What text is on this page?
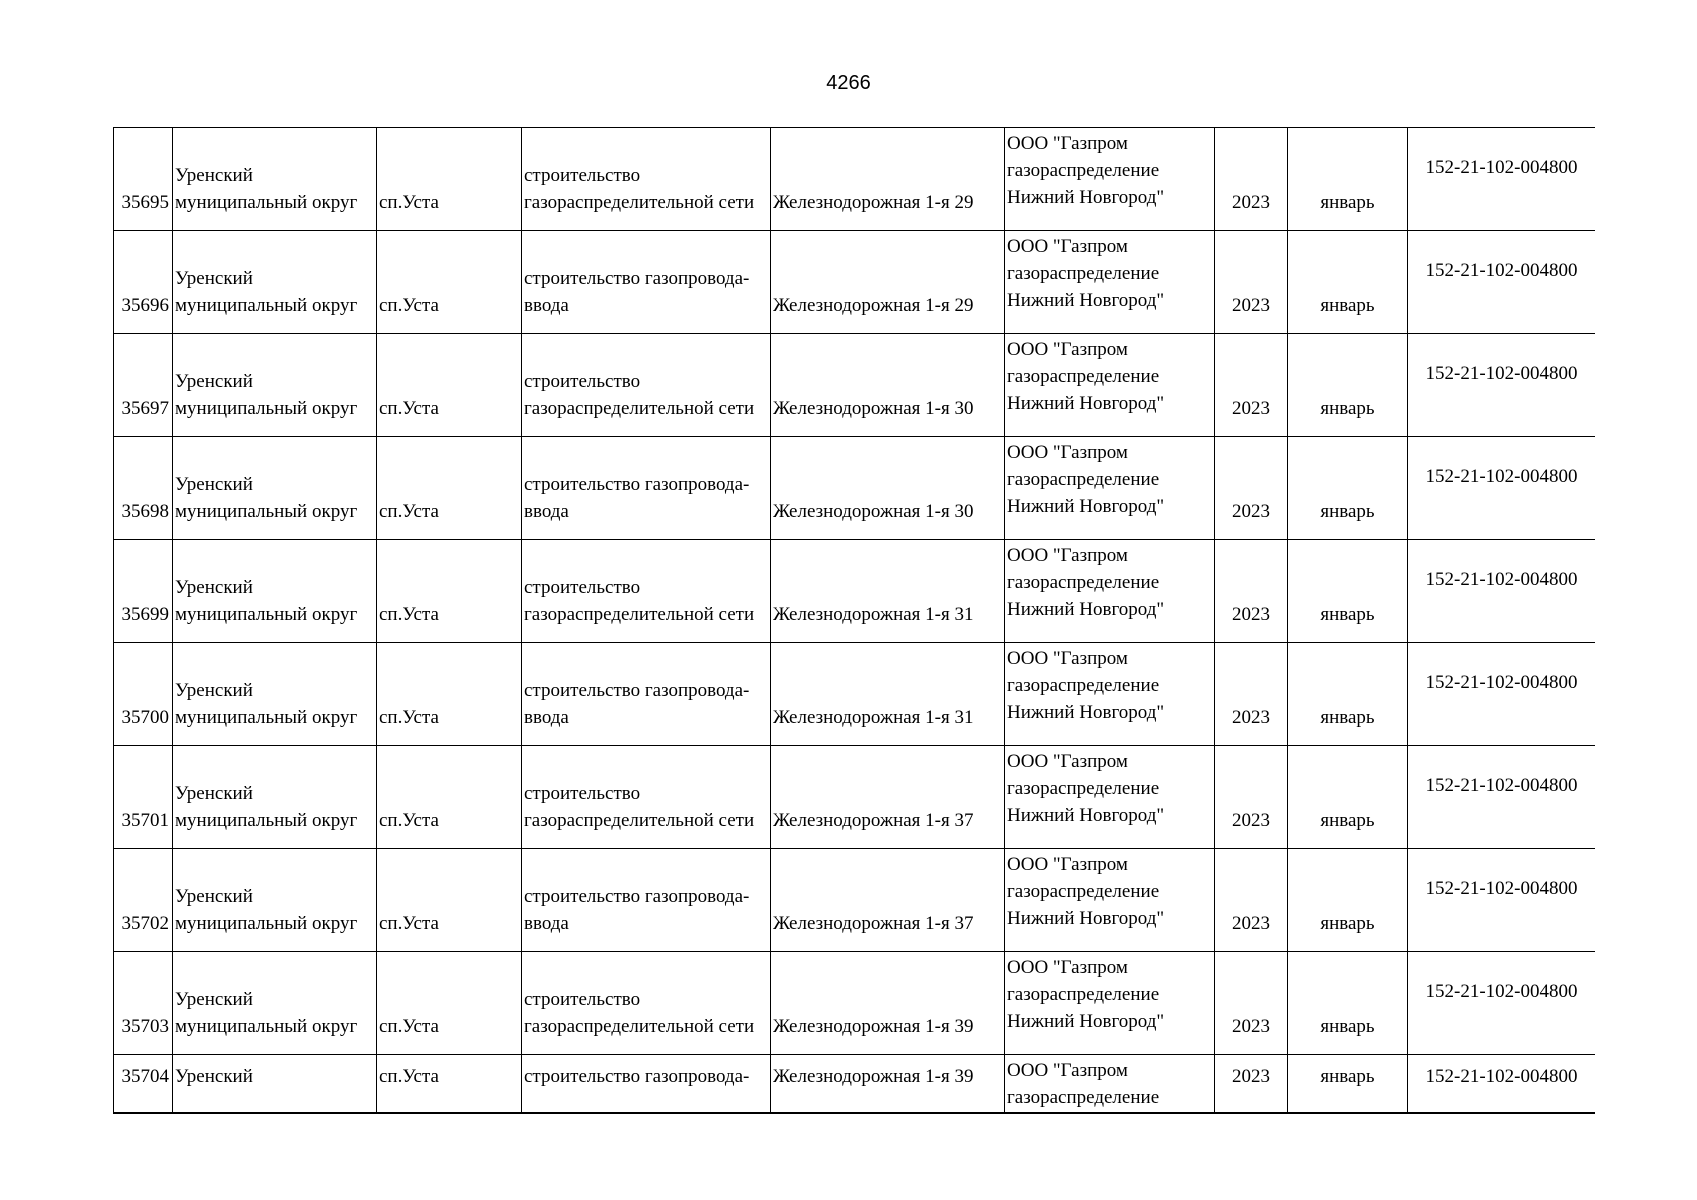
4266
35695	Уренский
муниципальный округ	сп.Уста	строительство
газораспределительной сети	Железнодорожная 1-я 29	ООО "Газпром
газораспределение
Нижний Новгород"	2023	январь	152-21-102-004800
35696	Уренский
муниципальный округ	сп.Уста	строительство газопровода-
ввода	Железнодорожная 1-я 29	ООО "Газпром
газораспределение
Нижний Новгород"	2023	январь	152-21-102-004800
35697	Уренский
муниципальный округ	сп.Уста	строительство
газораспределительной сети	Железнодорожная 1-я 30	ООО "Газпром
газораспределение
Нижний Новгород"	2023	январь	152-21-102-004800
35698	Уренский
муниципальный округ	сп.Уста	строительство газопровода-
ввода	Железнодорожная 1-я 30	ООО "Газпром
газораспределение
Нижний Новгород"	2023	январь	152-21-102-004800
35699	Уренский
муниципальный округ	сп.Уста	строительство
газораспределительной сети	Железнодорожная 1-я 31	ООО "Газпром
газораспределение
Нижний Новгород"	2023	январь	152-21-102-004800
35700	Уренский
муниципальный округ	сп.Уста	строительство газопровода-
ввода	Железнодорожная 1-я 31	ООО "Газпром
газораспределение
Нижний Новгород"	2023	январь	152-21-102-004800
35701	Уренский
муниципальный округ	сп.Уста	строительство
газораспределительной сети	Железнодорожная 1-я 37	ООО "Газпром
газораспределение
Нижний Новгород"	2023	январь	152-21-102-004800
35702	Уренский
муниципальный округ	сп.Уста	строительство газопровода-
ввода	Железнодорожная 1-я 37	ООО "Газпром
газораспределение
Нижний Новгород"	2023	январь	152-21-102-004800
35703	Уренский
муниципальный округ	сп.Уста	строительство
газораспределительной сети	Железнодорожная 1-я 39	ООО "Газпром
газораспределение
Нижний Новгород"	2023	январь	152-21-102-004800
35704	Уренский	сп.Уста	строительство газопровода-	Железнодорожная 1-я 39	ООО "Газпром
газораспределение	2023	январь	152-21-102-004800
